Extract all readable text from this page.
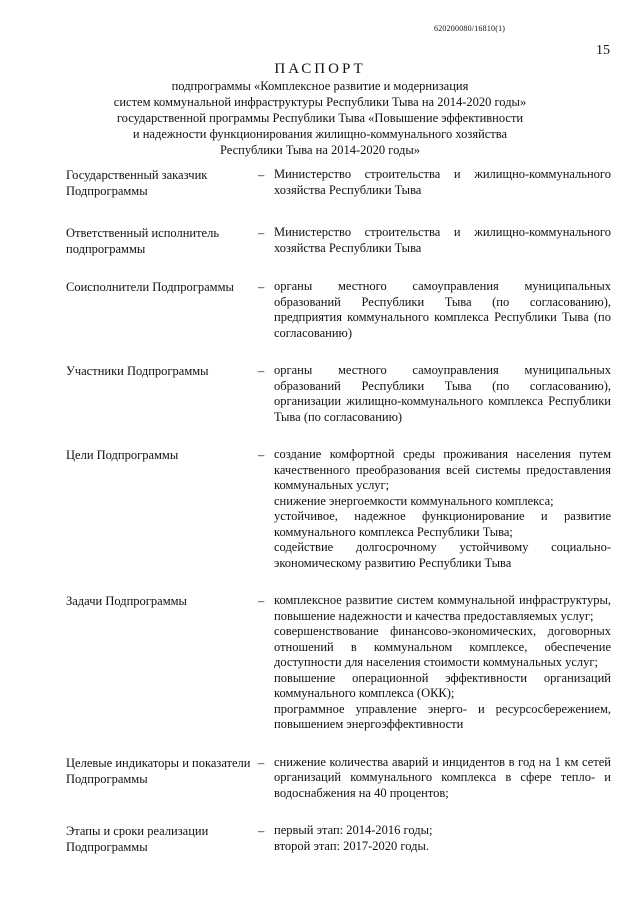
620200080/16810(1)
15
ПАСПОРТ
подпрограммы «Комплексное развитие и модернизация
систем коммунальной инфраструктуры Республики Тыва на 2014-2020 годы»
государственной программы Республики Тыва «Повышение эффективности
и надежности функционирования жилищно-коммунального хозяйства
Республики Тыва на 2014-2020 годы»
Государственный заказчик Подпрограммы
– Министерство строительства и жилищно-коммунального хозяйства Республики Тыва
Ответственный исполнитель подпрограммы
– Министерство строительства и жилищно-коммунального хозяйства Республики Тыва
Соисполнители Подпрограммы	– органы местного самоуправления муниципальных образований Республики Тыва (по согласованию), предприятия коммунального комплекса Республики Тыва (по согласованию)
Участники Подпрограммы	– органы местного самоуправления муниципальных образований Республики Тыва (по согласованию), организации жилищно-коммунального комплекса Республики Тыва (по согласованию)
Цели Подпрограммы	– создание комфортной среды проживания населения путем качественного преобразования всей системы предоставления коммунальных услуг;
снижение энергоемкости коммунального комплекса;
устойчивое, надежное функционирование и развитие коммунального комплекса Республики Тыва;
содействие долгосрочному устойчивому социально-экономическому развитию Республики Тыва
Задачи Подпрограммы	– комплексное развитие систем коммунальной инфраструктуры, повышение надежности и качества предоставляемых услуг;
совершенствование финансово-экономических, договорных отношений в коммунальном комплексе, обеспечение доступности для населения стоимости коммунальных услуг;
повышение операционной эффективности организаций коммунального комплекса (ОКК);
программное управление энерго- и ресурсосбережением, повышением энергоэффективности
Целевые индикаторы и показатели Подпрограммы
– снижение количества аварий и инцидентов в год на 1 км сетей организаций коммунального комплекса в сфере тепло- и водоснабжения на 40 процентов;
Этапы и сроки реализации Подпрограммы
– первый этап: 2014-2016 годы;
второй этап: 2017-2020 годы.
